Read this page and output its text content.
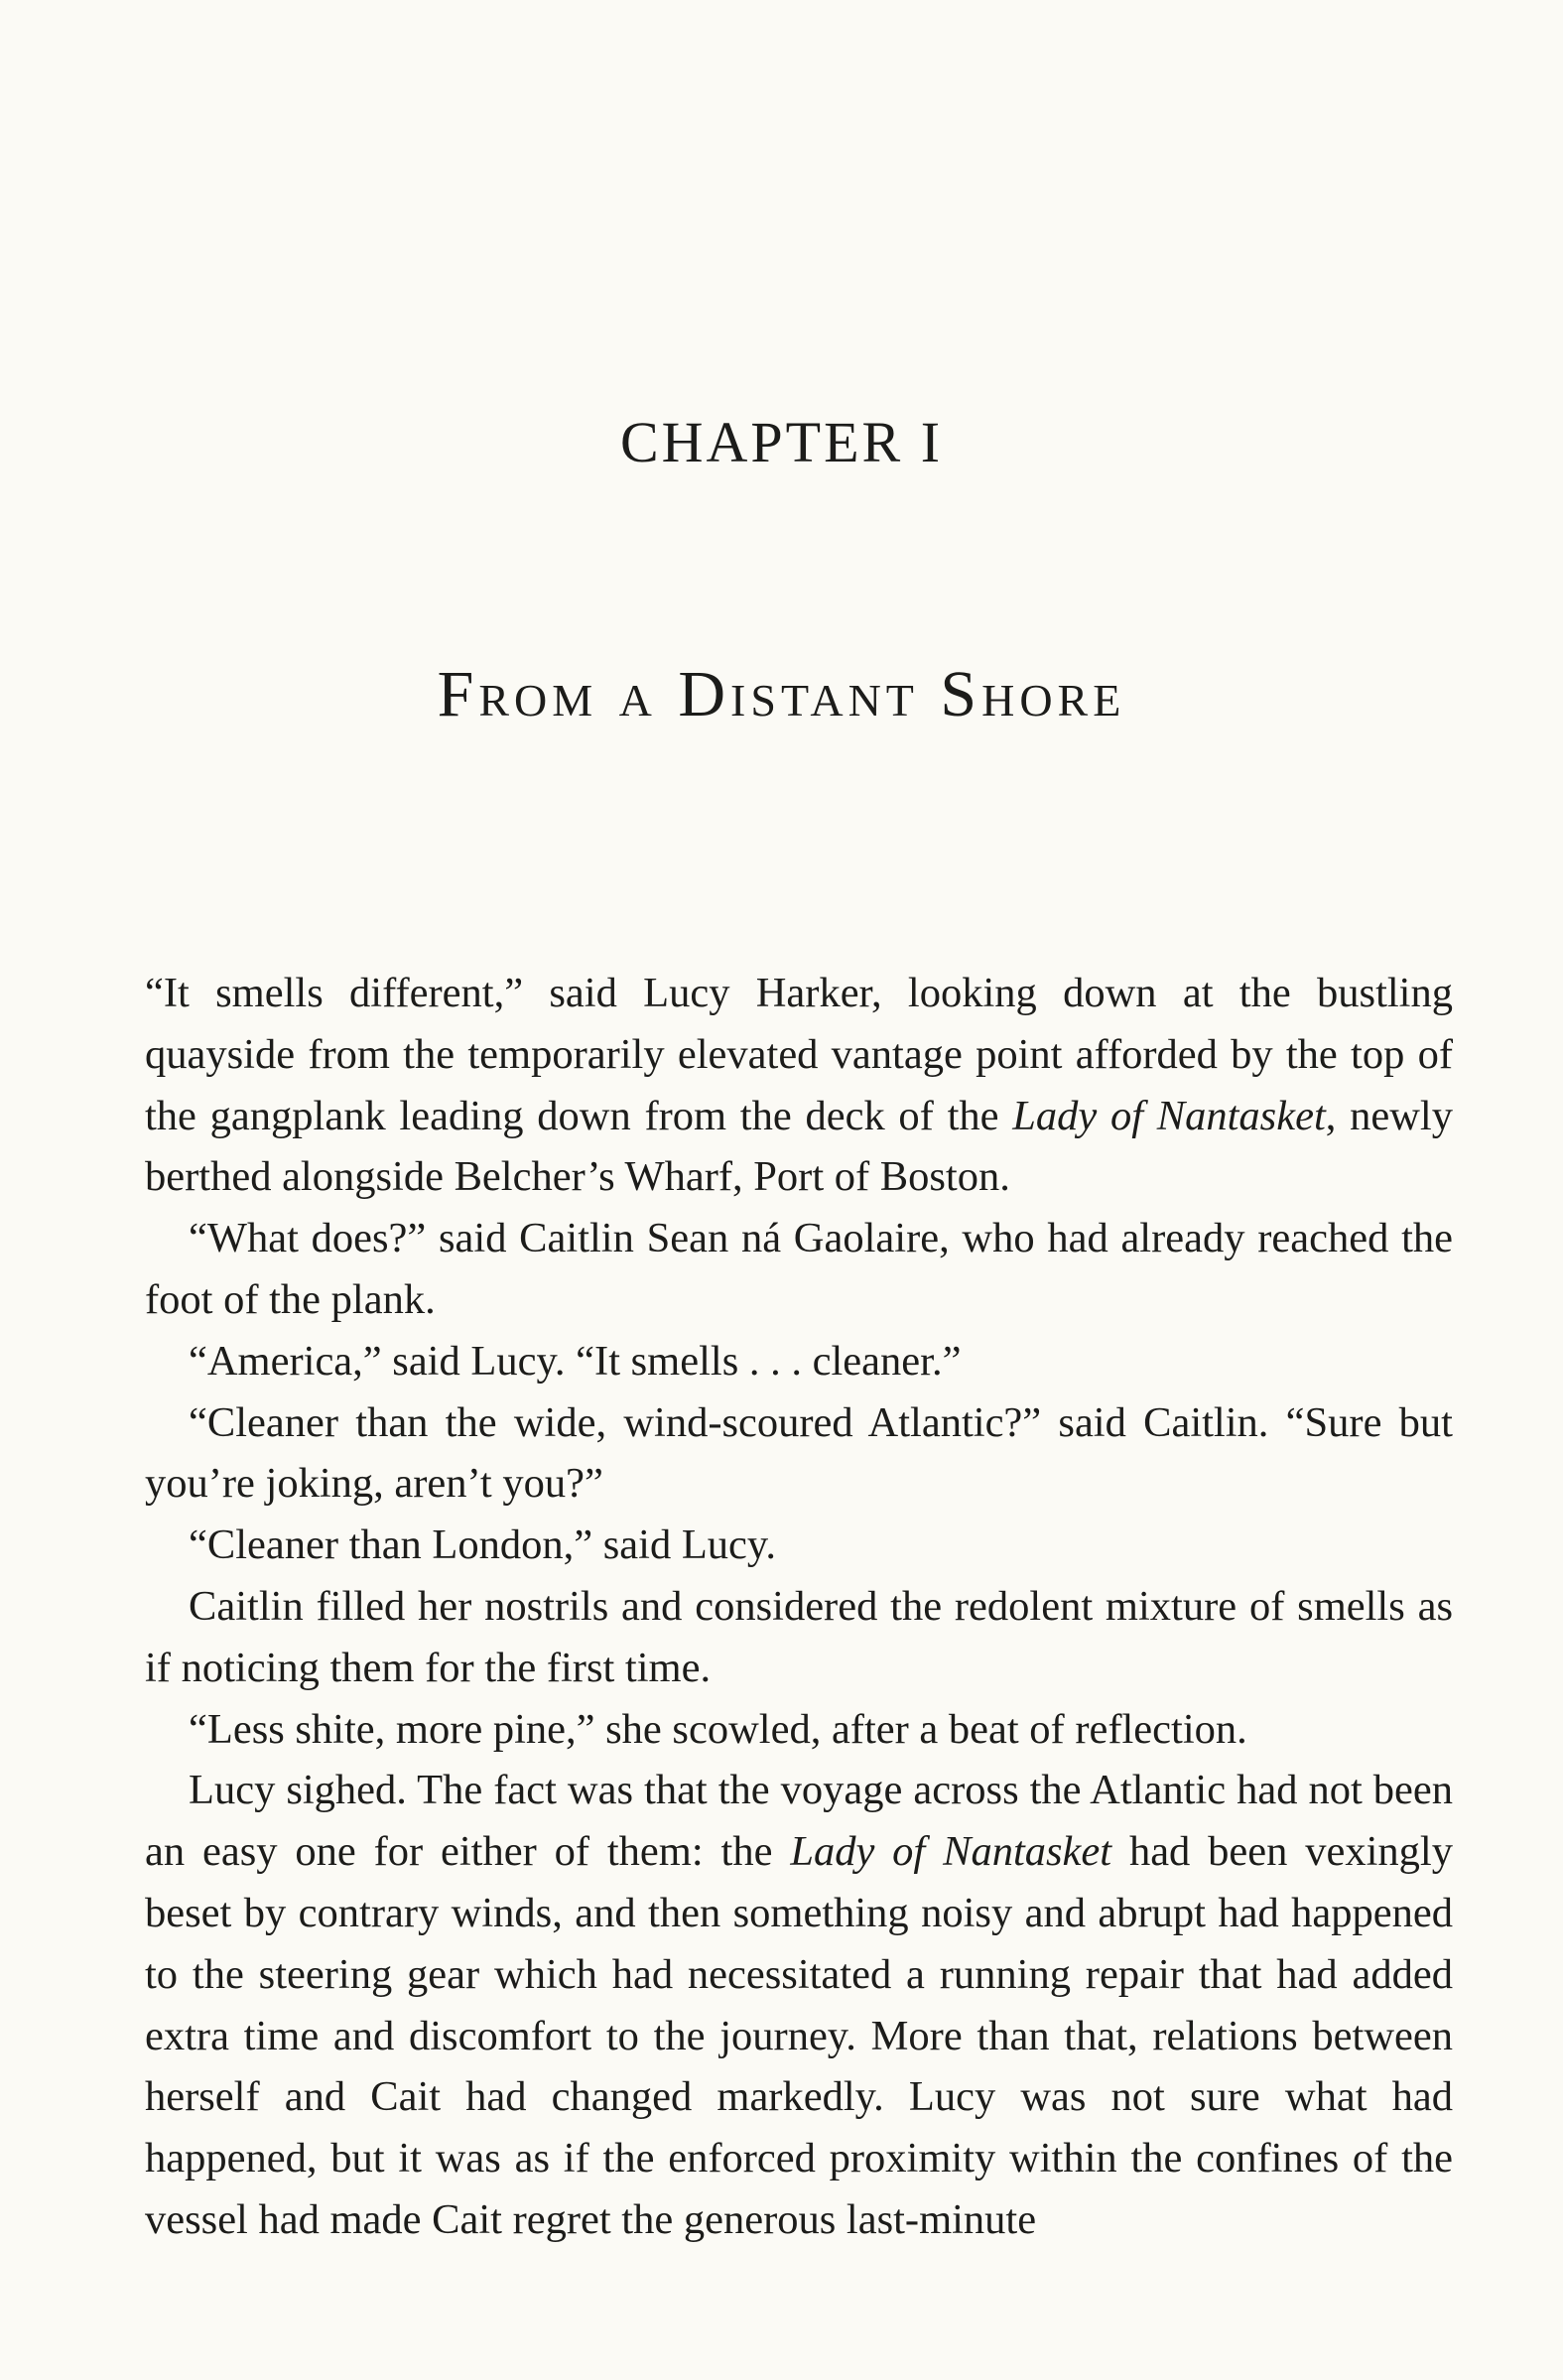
CHAPTER I
From a Distant Shore

“It smells different,” said Lucy Harker, looking down at the bustling quayside from the temporarily elevated vantage point afforded by the top of the gangplank leading down from the deck of the Lady of Nantasket, newly berthed alongside Belcher’s Wharf, Port of Boston.

“What does?” said Caitlin Sean ná Gaolaire, who had already reached the foot of the plank.

“America,” said Lucy. “It smells . . . cleaner.”

“Cleaner than the wide, wind-scoured Atlantic?” said Caitlin. “Sure but you’re joking, aren’t you?”

“Cleaner than London,” said Lucy.

Caitlin filled her nostrils and considered the redolent mixture of smells as if noticing them for the first time.

“Less shite, more pine,” she scowled, after a beat of reflection.

Lucy sighed. The fact was that the voyage across the Atlantic had not been an easy one for either of them: the Lady of Nantasket had been vexingly beset by contrary winds, and then something noisy and abrupt had happened to the steering gear which had necessitated a running repair that had added extra time and discomfort to the journey. More than that, relations between herself and Cait had changed markedly. Lucy was not sure what had happened, but it was as if the enforced proximity within the confines of the vessel had made Cait regret the generous last-minute
